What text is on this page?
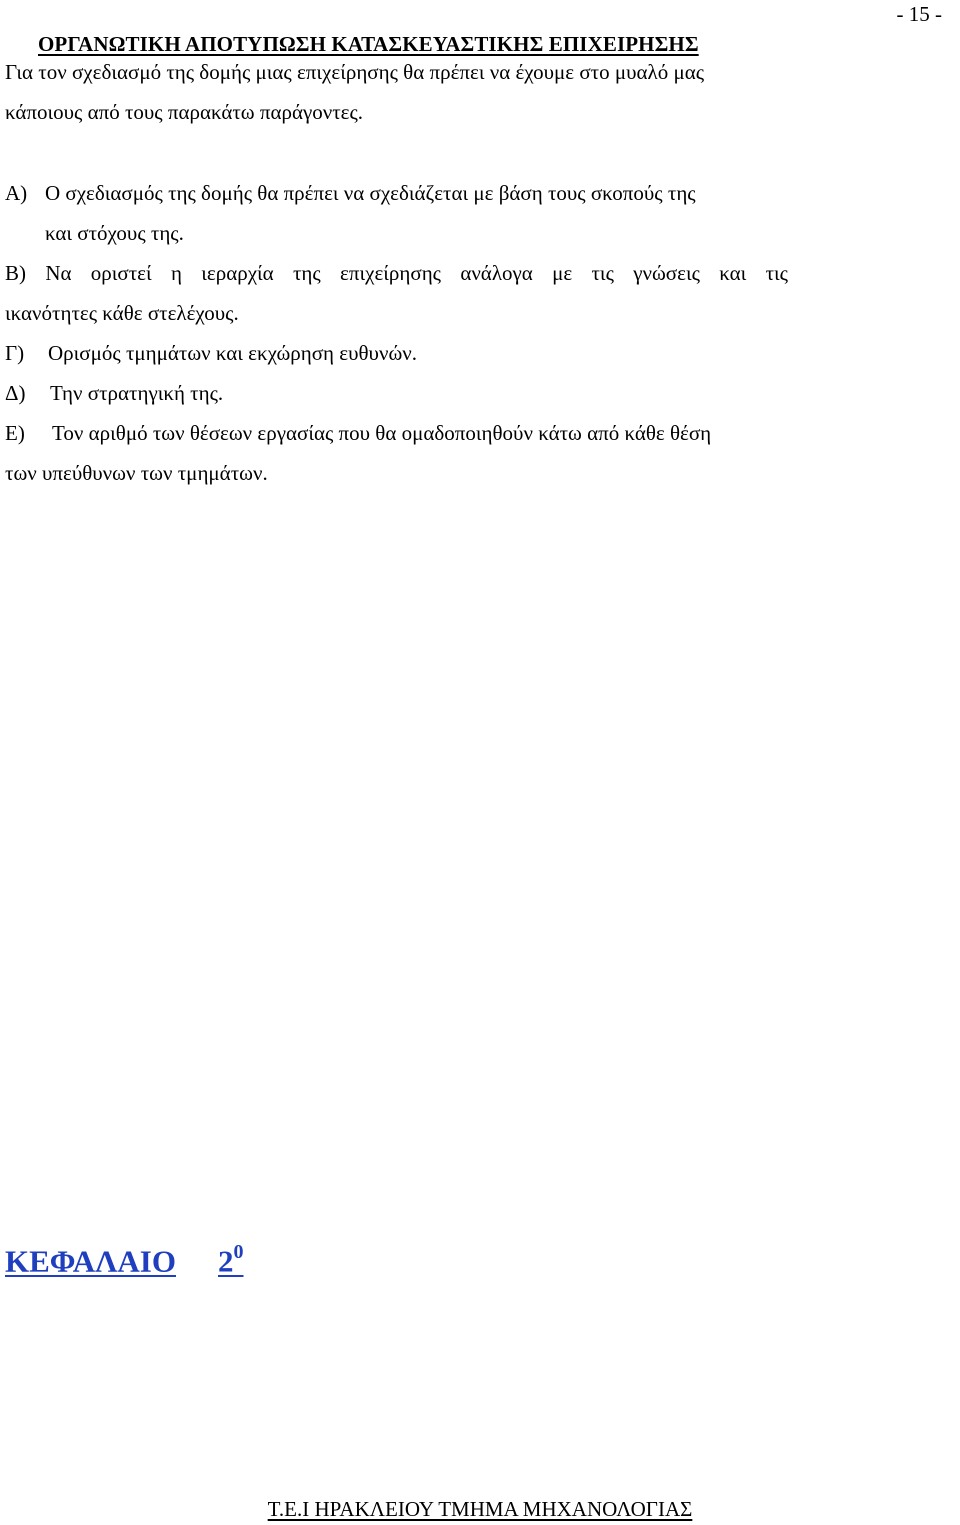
- 15 -
ΟΡΓΑΝΩΤΙΚΗ ΑΠΟΤΥΠΩΣΗ ΚΑΤΑΣΚΕΥΑΣΤΙΚΗΣ ΕΠΙΧΕΙΡΗΣΗΣ
Για τον σχεδιασμό της δομής μιας επιχείρησης θα πρέπει να έχουμε στο μυαλό μας
κάποιους από τους παρακάτω παράγοντες.
Α) Ο σχεδιασμός της δομής θα πρέπει να σχεδιάζεται με βάση τους σκοπούς της
και στόχους της.
Β) Να οριστεί η ιεραρχία της επιχείρησης ανάλογα με τις γνώσεις και τις
ικανότητες κάθε στελέχους.
Γ) Ορισμός τμημάτων και εκχώρηση ευθυνών.
Δ) Την στρατηγική της.
Ε) Τον αριθμό των θέσεων εργασίας που θα ομαδοποιηθούν κάτω από κάθε θέση
των υπεύθυνων των τμημάτων.
ΚΕΦΑΛΑΙΟ $2^0$
Τ.Ε.Ι ΗΡΑΚΛΕΙΟΥ ΤΜΗΜΑ ΜΗΧΑΝΟΛΟΓΙΑΣ
